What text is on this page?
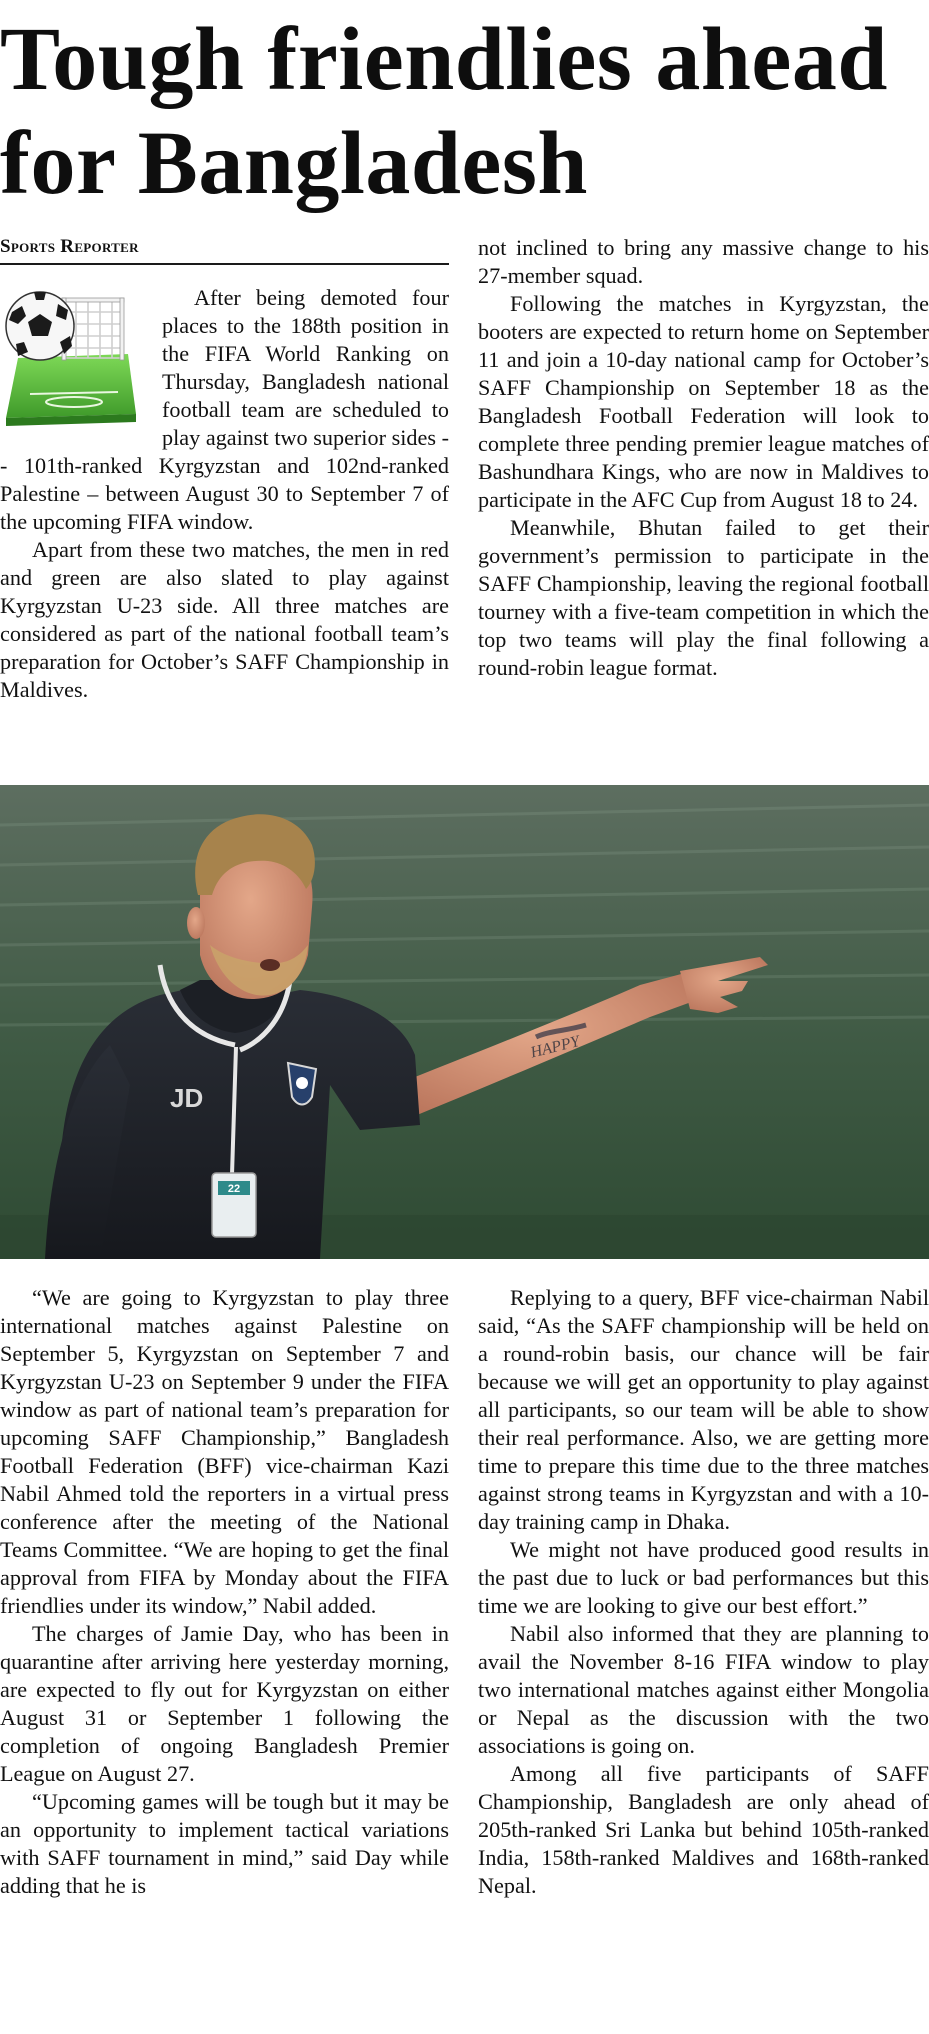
Tough friendlies ahead
for Bangladesh
Sports Reporter

After being demoted four places to the 188th position in the FIFA World Ranking on Thursday, Bangladesh national football team are scheduled to play against two superior sides -- 101th-ranked Kyrgyzstan and 102nd-ranked Palestine – between August 30 to September 7 of the upcoming FIFA window.

Apart from these two matches, the men in red and green are also slated to play against Kyrgyzstan U-23 side. All three matches are considered as part of the national football team’s preparation for October’s SAFF Championship in Maldives.

not inclined to bring any massive change to his 27-member squad.

Following the matches in Kyrgyzstan, the booters are expected to return home on September 11 and join a 10-day national camp for October’s SAFF Championship on September 18 as the Bangladesh Football Federation will look to complete three pending premier league matches of Bashundhara Kings, who are now in Maldives to participate in the AFC Cup from August 18 to 24.

Meanwhile, Bhutan failed to get their government’s permission to participate in the SAFF Championship, leaving the regional football tourney with a five-team competition in which the top two teams will play the final following a round-robin league format.

22
JD
HAPPY

“We are going to Kyrgyzstan to play three international matches against Palestine on September 5, Kyrgyzstan on September 7 and Kyrgyzstan U-23 on September 9 under the FIFA window as part of national team’s preparation for upcoming SAFF Championship,” Bangladesh Football Federation (BFF) vice-chairman Kazi Nabil Ahmed told the reporters in a virtual press conference after the meeting of the National Teams Committee. “We are hoping to get the final approval from FIFA by Monday about the FIFA friendlies under its window,” Nabil added.

The charges of Jamie Day, who has been in quarantine after arriving here yesterday morning, are expected to fly out for Kyrgyzstan on either August 31 or September 1 following the completion of ongoing Bangladesh Premier League on August 27.

“Upcoming games will be tough but it may be an opportunity to implement tactical variations with SAFF tournament in mind,” said Day while adding that he is

Replying to a query, BFF vice-chairman Nabil said, “As the SAFF championship will be held on a round-robin basis, our chance will be fair because we will get an opportunity to play against all participants, so our team will be able to show their real performance. Also, we are getting more time to prepare this time due to the three matches against strong teams in Kyrgyzstan and with a 10-day training camp in Dhaka.

We might not have produced good results in the past due to luck or bad performances but this time we are looking to give our best effort.”

Nabil also informed that they are planning to avail the November 8-16 FIFA window to play two international matches against either Mongolia or Nepal as the discussion with the two associations is going on.

Among all five participants of SAFF Championship, Bangladesh are only ahead of 205th-ranked Sri Lanka but behind 105th-ranked India, 158th-ranked Maldives and 168th-ranked Nepal.
